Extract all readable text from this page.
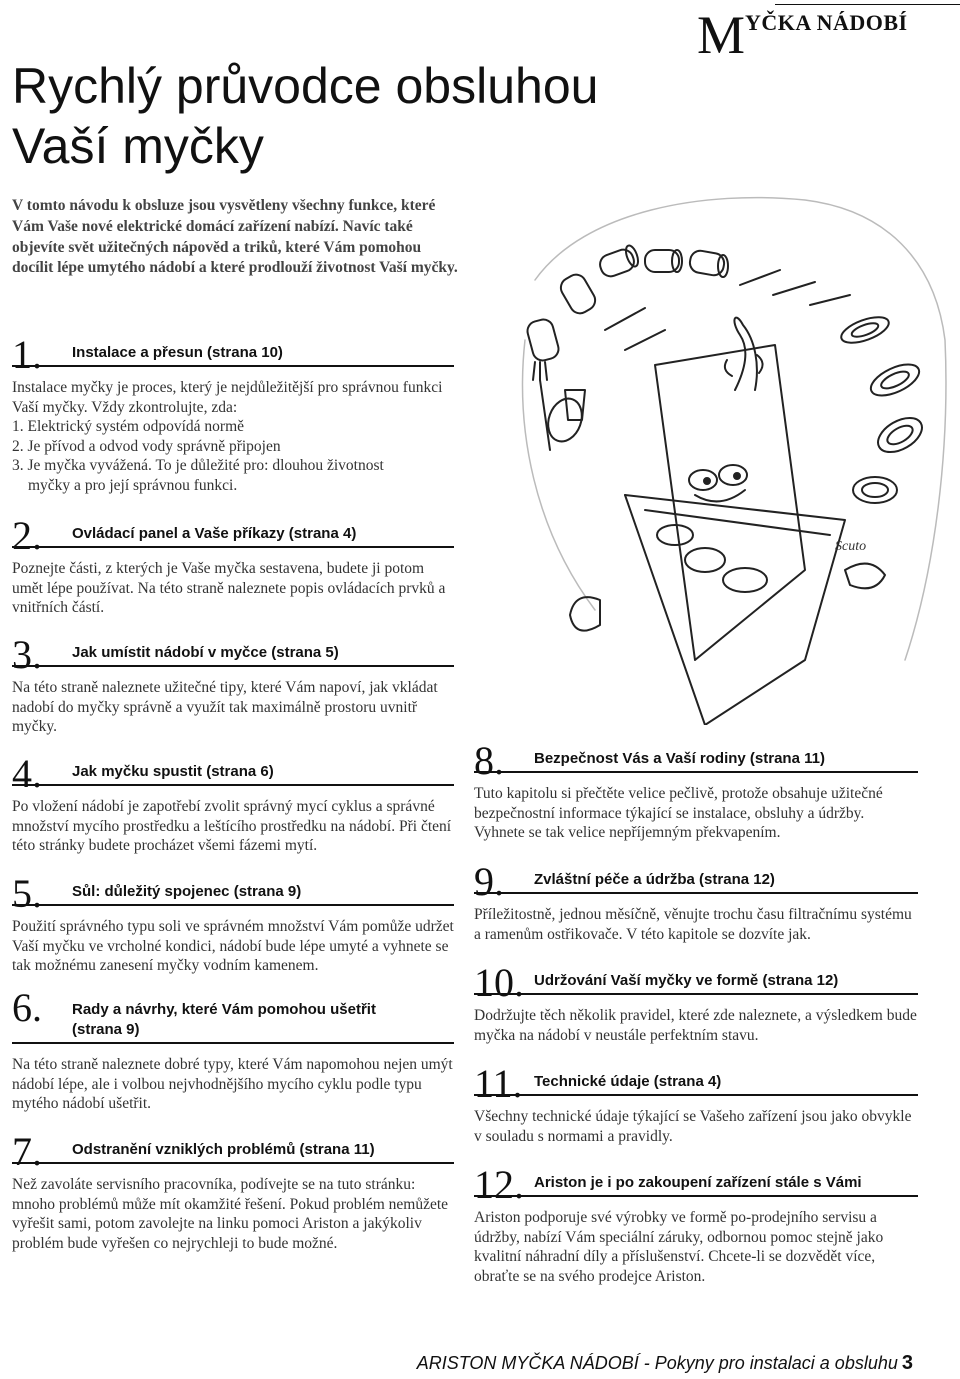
MYČKA NÁDOBÍ
Rychlý průvodce obsluhou
Vaší myčky

V tomto návodu k obsluze jsou vysvětleny všechny funkce, které Vám Vaše nové elektrické domácí zařízení nabízí. Navíc také objevíte svět užitečných nápověd a triků, které Vám pomohou docílit lépe umytého nádobí a které prodlouží životnost Vaší myčky.

Scuto
1. Instalace a přesun (strana 10)

Instalace myčky je proces, který je nejdůležitější pro správnou funkci Vaší myčky. Vždy zkontrolujte, zda:

1. Elektrický systém odpovídá normě

2. Je přívod a odvod vody správně připojen

3. Je myčka vyvážená. To je důležité pro: dlouhou životnost

myčky a pro její správnou funkci.

2. Ovládací panel a Vaše příkazy (strana 4)

Poznejte části, z kterých je Vaše myčka sestavena, budete ji potom umět lépe používat. Na této straně naleznete popis ovládacích prvků a vnitřních částí.

3. Jak umístit nádobí v myčce (strana 5)

Na této straně naleznete užitečné tipy, které Vám napoví, jak vkládat nadobí do myčky správně a využít tak maximálně prostoru uvnitř myčky.

4. Jak myčku spustit (strana 6)

Po vložení nádobí je zapotřebí zvolit správný mycí cyklus a správné množství mycího prostředku a leštícího prostředku na nádobí. Při čtení této stránky budete procházet všemi fázemi mytí.

5. Sůl: důležitý spojenec (strana 9)

Použití správného typu soli ve správném množství Vám pomůže udržet Vaší myčku ve vrcholné kondici, nádobí bude lépe umyté a vyhnete se tak možnému zanesení myčky vodním kamenem.

6. Rady a návrhy, které Vám pomohou ušetřit (strana 9)

Na této straně naleznete dobré typy, které Vám napomohou nejen umýt nádobí lépe, ale i volbou nejvhodnějšího mycího cyklu podle typu mytého nádobí ušetřit.

7. Odstranění vzniklých problémů (strana 11)

Než zavoláte servisního pracovníka, podívejte se na tuto stránku: mnoho problémů může mít okamžité řešení. Pokud problém nemůžete vyřešit sami, potom zavolejte na linku pomoci Ariston a jakýkoliv problém bude vyřešen co nejrychleji to bude možné.

8. Bezpečnost Vás a Vaší rodiny (strana 11)

Tuto kapitolu si přečtěte velice pečlivě, protože obsahuje užitečné bezpečnostní informace týkající se instalace, obsluhy a údržby. Vyhnete se tak velice nepříjemným překvapením.

9. Zvláštní péče a údržba (strana 12)

Příležitostně, jednou měsíčně, věnujte trochu času filtračnímu systému a ramenům ostřikovače. V této kapitole se dozvíte jak.

10. Udržování Vaší myčky ve formě (strana 12)

Dodržujte těch několik pravidel, které zde naleznete, a výsledkem bude myčka na nádobí v neustále perfektním stavu.

11. Technické údaje (strana 4)

Všechny technické údaje týkající se Vašeho zařízení jsou jako obvykle v souladu s normami a pravidly.

12. Ariston je i po zakoupení zařízení stále s Vámi

Ariston podporuje své výrobky ve formě po-prodejního servisu a údržby, nabízí Vám speciální záruky, odbornou pomoc stejně jako kvalitní náhradní díly a příslušenství. Chcete-li se dozvědět více, obraťte se na svého prodejce Ariston.

ARISTON MYČKA NÁDOBÍ - Pokyny pro instalaci a obsluhu 3
